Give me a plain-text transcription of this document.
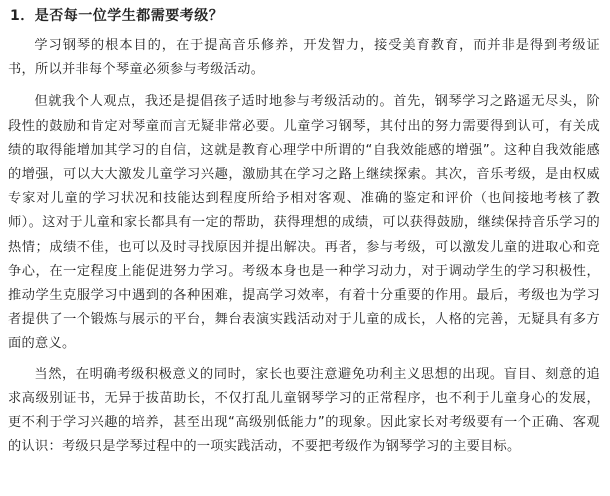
1．是否每一位学生都需要考级？

学习钢琴的根本目的，在于提高音乐修养，开发智力，接受美育教育，而并非是得到考级证书，所以并非每个琴童必须参与考级活动。

但就我个人观点，我还是提倡孩子适时地参与考级活动的。首先，钢琴学习之路遥无尽头，阶段性的鼓励和肯定对琴童而言无疑非常必要。儿童学习钢琴，其付出的努力需要得到认可，有关成绩的取得能增加其学习的自信，这就是教育心理学中所谓的“自我效能感的增强”。这种自我效能感的增强，可以大大激发儿童学习兴趣，激励其在学习之路上继续探索。其次，音乐考级，是由权威专家对儿童的学习状况和技能达到程度所给予相对客观、准确的鉴定和评价（也间接地考核了教师）。这对于儿童和家长都具有一定的帮助，获得理想的成绩，可以获得鼓励，继续保持音乐学习的热情；成绩不佳，也可以及时寻找原因并提出解决。再者，参与考级，可以激发儿童的进取心和竞争心，在一定程度上能促进努力学习。考级本身也是一种学习动力，对于调动学生的学习积极性，推动学生克服学习中遇到的各种困难，提高学习效率，有着十分重要的作用。最后，考级也为学习者提供了一个锻炼与展示的平台，舞台表演实践活动对于儿童的成长，人格的完善，无疑具有多方面的意义。

当然，在明确考级积极意义的同时，家长也要注意避免功利主义思想的出现。盲目、刻意的追求高级别证书，无异于拔苗助长，不仅打乱儿童钢琴学习的正常程序，也不利于儿童身心的发展，更不利于学习兴趣的培养，甚至出现“高级别低能力”的现象。因此家长对考级要有一个正确、客观的认识：考级只是学琴过程中的一项实践活动，不要把考级作为钢琴学习的主要目标。
